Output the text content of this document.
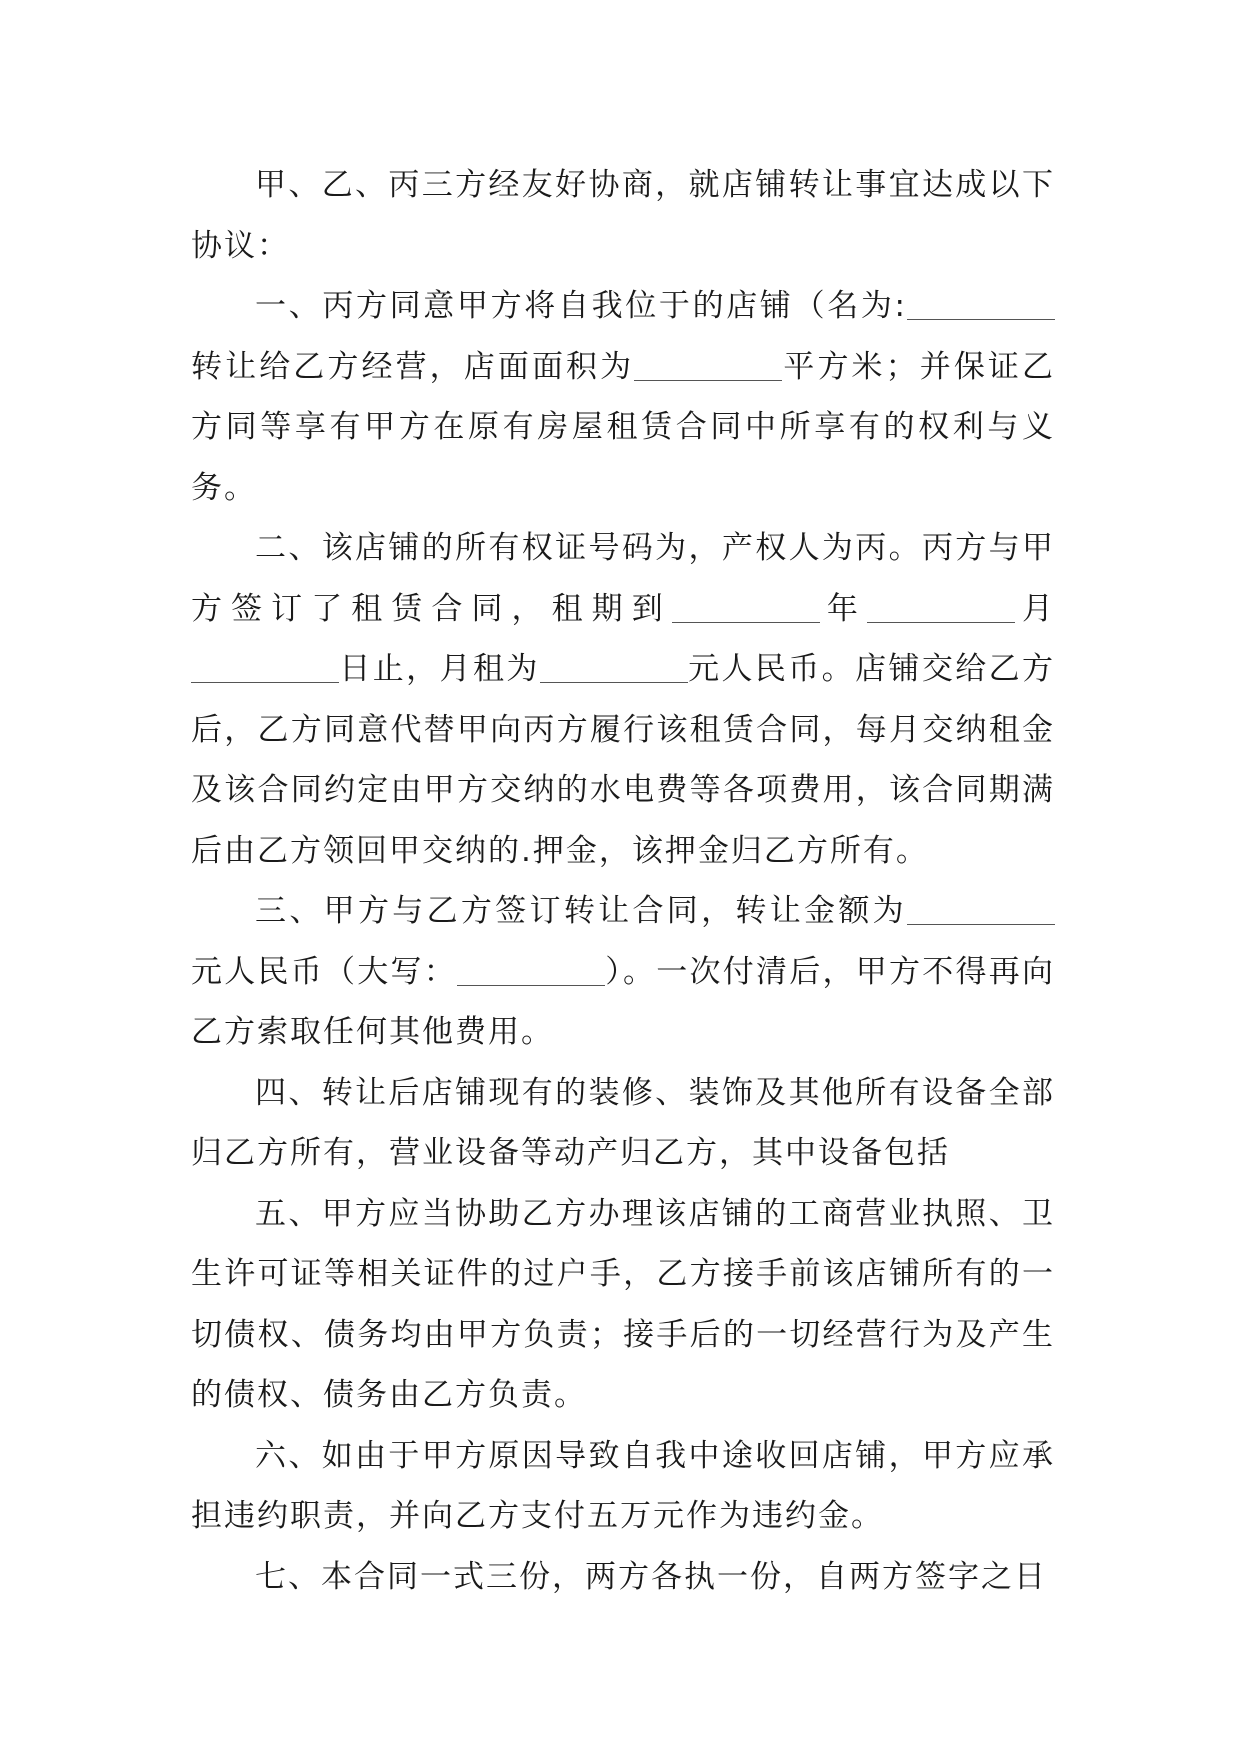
甲、乙、丙三方经友好协商，就店铺转让事宜达成以下协议：

一、丙方同意甲方将自我位于的店铺（名为:转让给乙方经营，店面面积为	平方米；并保证乙方同等享有甲方在原有房屋租赁合同中所享有的权利与义务。

二、该店铺的所有权证号码为，产权人为丙。丙方与甲方签订了租赁合同，租期到	年	月日止，月租为	元人民币。店铺交给乙方后，乙方同意代替甲向丙方履行该租赁合同，每月交纳租金及该合同约定由甲方交纳的水电费等各项费用，该合同期满后由乙方领回甲交纳的.押金，该押金归乙方所有。

三、甲方与乙方签订转让合同，转让金额为元人民币（大写：	）。一次付清后，甲方不得再向乙方索取任何其他费用。

四、转让后店铺现有的装修、装饰及其他所有设备全部归乙方所有，营业设备等动产归乙方，其中设备包括

五、甲方应当协助乙方办理该店铺的工商营业执照、卫生许可证等相关证件的过户手，乙方接手前该店铺所有的一切债权、债务均由甲方负责；接手后的一切经营行为及产生的债权、债务由乙方负责。

六、如由于甲方原因导致自我中途收回店铺，甲方应承担违约职责，并向乙方支付五万元作为违约金。

七、本合同一式三份，两方各执一份，自两方签字之日
